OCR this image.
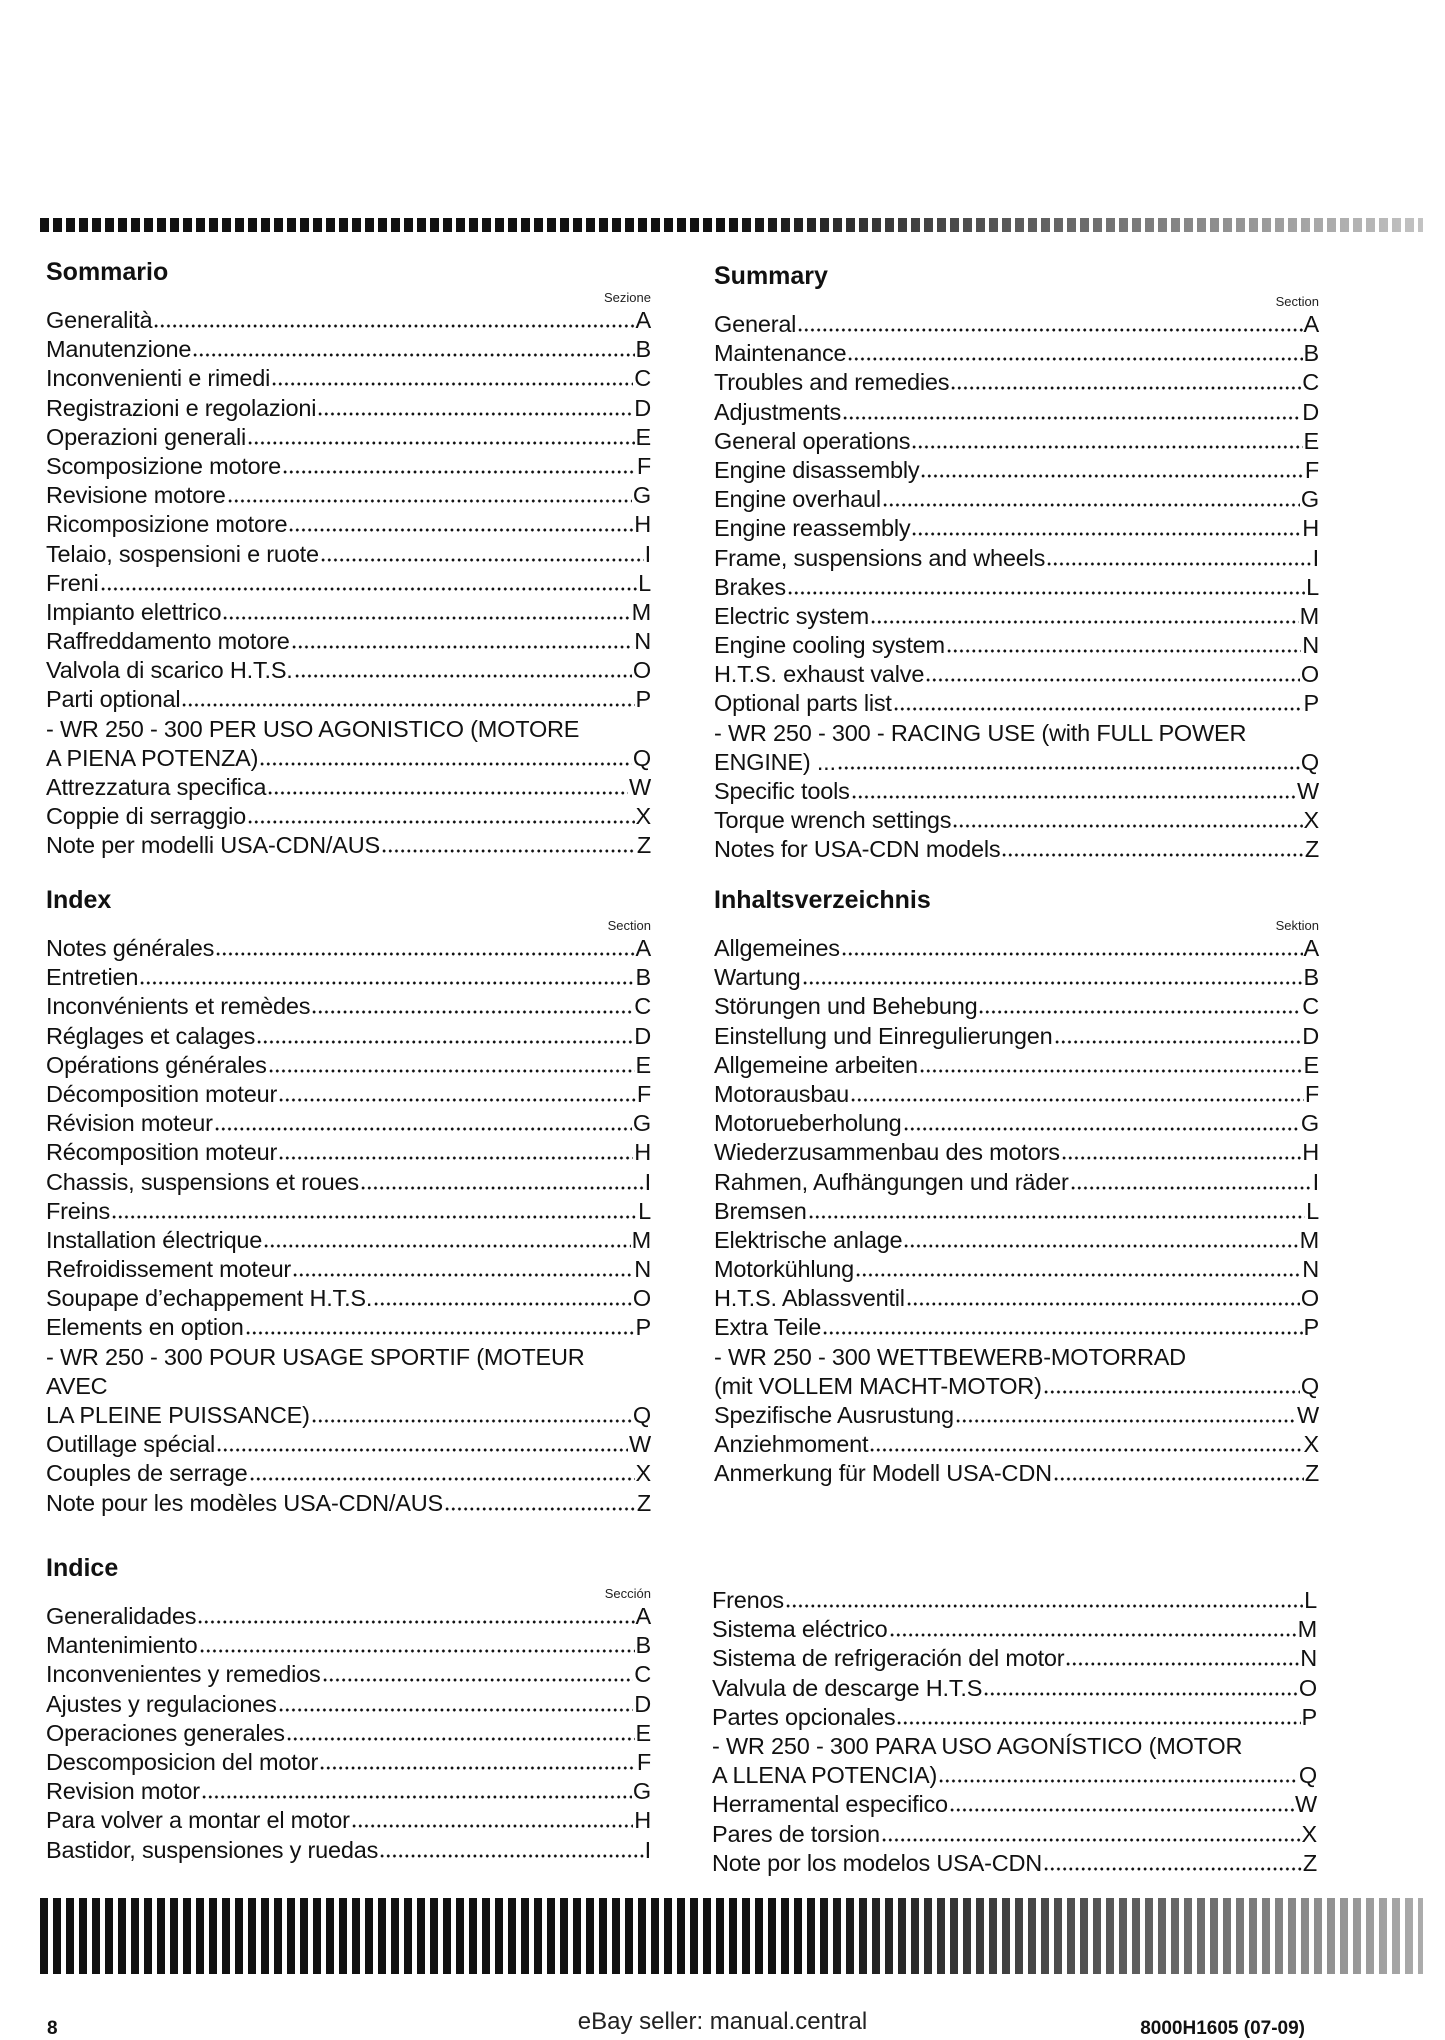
Sommario
Sezione
Generalità	A
Manutenzione	B
Inconvenienti e rimedi	C
Registrazioni e regolazioni	D
Operazioni generali	E
Scomposizione motore	F
Revisione motore	G
Ricomposizione motore	H
Telaio, sospensioni e ruote	I
Freni	L
Impianto elettrico	M
Raffreddamento motore	N
Valvola di scarico H.T.S.	O
Parti optional	P
- WR 250 - 300 PER USO AGONISTICO (MOTORE
A PIENA POTENZA)	Q
Attrezzatura specifica	W
Coppie di serraggio	X
Note per modelli USA-CDN/AUS	Z
Summary
Section
General	A
Maintenance	B
Troubles and remedies	C
Adjustments	D
General operations	E
Engine disassembly	F
Engine overhaul	G
Engine reassembly	H
Frame, suspensions and wheels	I
Brakes	L
Electric system	M
Engine cooling system	N
H.T.S. exhaust valve	O
Optional parts list	P
- WR 250 - 300 - RACING USE (with FULL POWER
ENGINE) ...	Q
Specific tools	W
Torque wrench settings	X
Notes for USA-CDN models	Z
Index
Section
Notes générales	A
Entretien	B
Inconvénients et remèdes	C
Réglages et calages	D
Opérations générales	E
Décomposition moteur	F
Révision moteur	G
Récomposition moteur	H
Chassis, suspensions et roues	I
Freins	L
Installation électrique	M
Refroidissement moteur	N
Soupape d’echappement H.T.S.	O
Elements en option	P
- WR 250 - 300 POUR USAGE SPORTIF (MOTEUR
AVEC
LA PLEINE PUISSANCE)	Q
Outillage spécial	W
Couples de serrage	X
Note pour les modèles USA-CDN/AUS	Z
Inhaltsverzeichnis
Sektion
Allgemeines	A
Wartung	B
Störungen und Behebung	C
Einstellung und Einregulierungen	D
Allgemeine arbeiten	E
Motorausbau	F
Motorueberholung	G
Wiederzusammenbau des motors	H
Rahmen, Aufhängungen und räder	I
Bremsen	L
Elektrische anlage	M
Motorkühlung	N
H.T.S. Ablassventil	O
Extra Teile	P
- WR 250 - 300 WETTBEWERB-MOTORRAD
(mit VOLLEM MACHT-MOTOR)	Q
Spezifische Ausrustung	W
Anziehmoment	X
Anmerkung für Modell USA-CDN	Z
Indice
Sección
Generalidades	A
Mantenimiento	B
Inconvenientes y remedios	C
Ajustes y regulaciones	D
Operaciones generales	E
Descomposicion del motor	F
Revision motor	G
Para volver a montar el motor	H
Bastidor, suspensiones y ruedas	I
Frenos	L
Sistema eléctrico	M
Sistema de refrigeración del motor	N
Valvula de descarge H.T.S	O
Partes opcionales	P
- WR 250 - 300 PARA USO AGONÍSTICO (MOTOR
A LLENA POTENCIA)	Q
Herramental especifico	W
Pares de torsion	X
Note por los modelos USA-CDN	Z
8	8000H1605 (07-09)
eBay seller: manual.central
